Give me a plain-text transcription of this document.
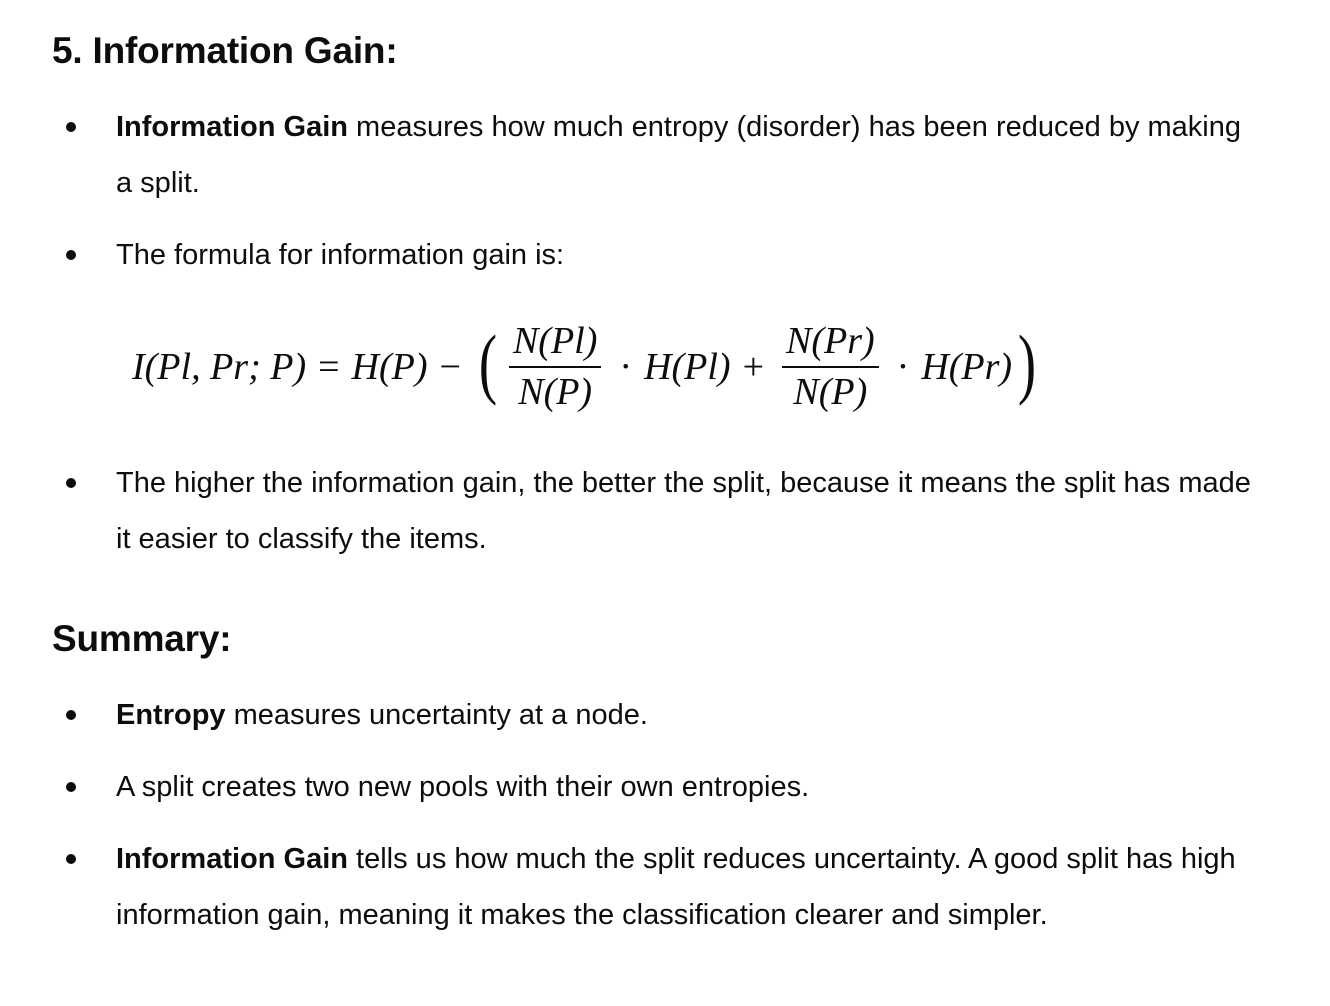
5. Information Gain:
Information Gain measures how much entropy (disorder) has been reduced by making a split.
The formula for information gain is:
I(Pl, Pr; P) = H(P) − ( $\frac{N(Pl)}{N(P)} \cdot H(Pl) + \frac{N(Pr)}{N(P)} \cdot H(Pr)$ )
The higher the information gain, the better the split, because it means the split has made it easier to classify the items.
Summary:
Entropy measures uncertainty at a node.
A split creates two new pools with their own entropies.
Information Gain tells us how much the split reduces uncertainty. A good split has high information gain, meaning it makes the classification clearer and simpler.
